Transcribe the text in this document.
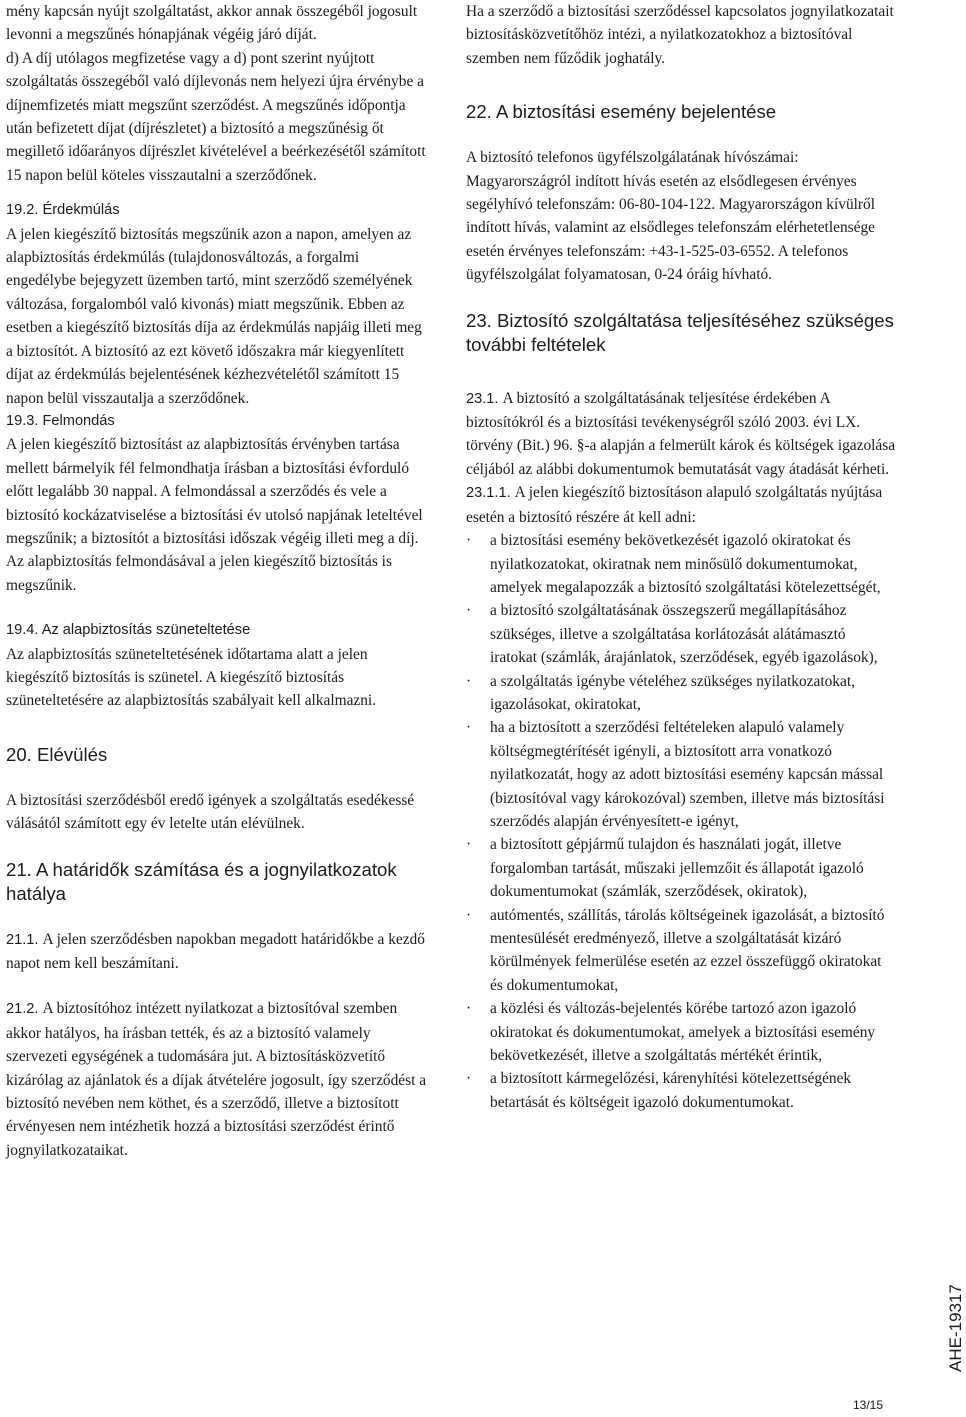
mény kapcsán nyújt szolgáltatást, akkor annak összegéből jogosult levonni a megszűnés hónapjának végéig járó díját.

d) A díj utólagos megfizetése vagy a d) pont szerint nyújtott szolgáltatás összegéből való díjlevonás nem helyezi újra érvénybe a díjnemfizetés miatt megszűnt szerződést. A megszűnés időpontja után befizetett díjat (díjrészletet) a biztosító a megszűnésig őt megillető időarányos díjrészlet kivételével a beérkezésétől számított 15 napon belül köteles visszautalni a szerződőnek.

19.2. Érdekmúlás

A jelen kiegészítő biztosítás megszűnik azon a napon, amelyen az alapbiztosítás érdekmúlás (tulajdonosváltozás, a forgalmi engedélybe bejegyzett üzemben tartó, mint szerződő személyének változása, forgalomból való kivonás) miatt megszűnik. Ebben az esetben a kiegészítő biztosítás díja az érdekmúlás napjáig illeti meg a biztosítót. A biztosító az ezt követő időszakra már kiegyenlített díjat az érdekmúlás bejelentésének kézhezvételétől számított 15 napon belül visszautalja a szerződőnek.

19.3. Felmondás

A jelen kiegészítő biztosítást az alapbiztosítás érvényben tartása mellett bármelyik fél felmondhatja írásban a biztosítási évforduló előtt legalább 30 nappal. A felmondással a szerződés és vele a biztosító kockázatviselése a biztosítási év utolsó napjának leteltével megszűnik; a biztosítót a biztosítási időszak végéig illeti meg a díj. Az alapbiztosítás felmondásával a jelen kiegészítő biztosítás is megszűnik.

19.4. Az alapbiztosítás szüneteltetése

Az alapbiztosítás szüneteltetésének időtartama alatt a jelen kiegészítő biztosítás is szünetel. A kiegészítő biztosítás szüneteltetésére az alapbiztosítás szabályait kell alkalmazni.

20. Elévülés

A biztosítási szerződésből eredő igények a szolgáltatás esedékessé válásától számított egy év letelte után elévülnek.

21. A határidők számítása és a jognyilatkozatok hatálya

21.1. A jelen szerződésben napokban megadott határidőkbe a kezdő napot nem kell beszámítani.

21.2. A biztosítóhoz intézett nyilatkozat a biztosítóval szemben akkor hatályos, ha írásban tették, és az a biztosító valamely szervezeti egységének a tudomására jut. A biztosításközvetítő kizárólag az ajánlatok és a díjak átvételére jogosult, így szerződést a biztosító nevében nem köthet, és a szerződő, illetve a biztosított érvényesen nem intézhetik hozzá a biztosítási szerződést érintő jognyilatkozataikat.

Ha a szerződő a biztosítási szerződéssel kapcsolatos jognyilatkozatait biztosításközvetítőhöz intézi, a nyilatkozatokhoz a biztosítóval szemben nem fűződik joghatály.

22. A biztosítási esemény bejelentése

A biztosító telefonos ügyfélszolgálatának hívószámai: Magyarországról indított hívás esetén az elsődlegesen érvényes segélyhívó telefonszám: 06-80-104-122. Magyarországon kívülről indított hívás, valamint az elsődleges telefonszám elérhetetlensége esetén érvényes telefonszám: +43-1-525-03-6552. A telefonos ügyfélszolgálat folyamatosan, 0-24 óráig hívható.

23. Biztosító szolgáltatása teljesítéséhez szükséges további feltételek

23.1. A biztosító a szolgáltatásának teljesítése érdekében A biztosítókról és a biztosítási tevékenységről szóló 2003. évi LX. törvény (Bit.) 96. §-a alapján a felmerült károk és költségek igazolása céljából az alábbi dokumentumok bemutatását vagy átadását kérheti.

23.1.1. A jelen kiegészítő biztosításon alapuló szolgáltatás nyújtása esetén a biztosító részére át kell adni:

· a biztosítási esemény bekövetkezését igazoló okiratokat és nyilatkozatokat, okiratnak nem minősülő dokumentumokat, amelyek megalapozzák a biztosító szolgáltatási kötelezettségét,
· a biztosító szolgáltatásának összegszerű megállapításához szükséges, illetve a szolgáltatása korlátozását alátámasztó iratokat (számlák, árajánlatok, szerződések, egyéb igazolások),
· a szolgáltatás igénybe vételéhez szükséges nyilatkozatokat, igazolásokat, okiratokat,
· ha a biztosított a szerződési feltételeken alapuló valamely költségmegtérítését igényli, a biztosított arra vonatkozó nyilatkozatát, hogy az adott biztosítási esemény kapcsán mással (biztosítóval vagy károkozóval) szemben, illetve más biztosítási szerződés alapján érvényesített-e igényt,
· a biztosított gépjármű tulajdon és használati jogát, illetve forgalomban tartását, műszaki jellemzőit és állapotát igazoló dokumentumokat (számlák, szerződések, okiratok),
· autómentés, szállítás, tárolás költségeinek igazolását, a biztosító mentesülését eredményező, illetve a szolgáltatását kizáró körülmények felmerülése esetén az ezzel összefüggő okiratokat és dokumentumokat,
· a közlési és változás-bejelentés körébe tartozó azon igazoló okiratokat és dokumentumokat, amelyek a biztosítási esemény bekövetkezését, illetve a szolgáltatás mértékét érintik,
· a biztosított kármegelőzési, kárenyhítési kötelezettségének betartását és költségeit igazoló dokumentumokat.
AHE-19317
13/15
